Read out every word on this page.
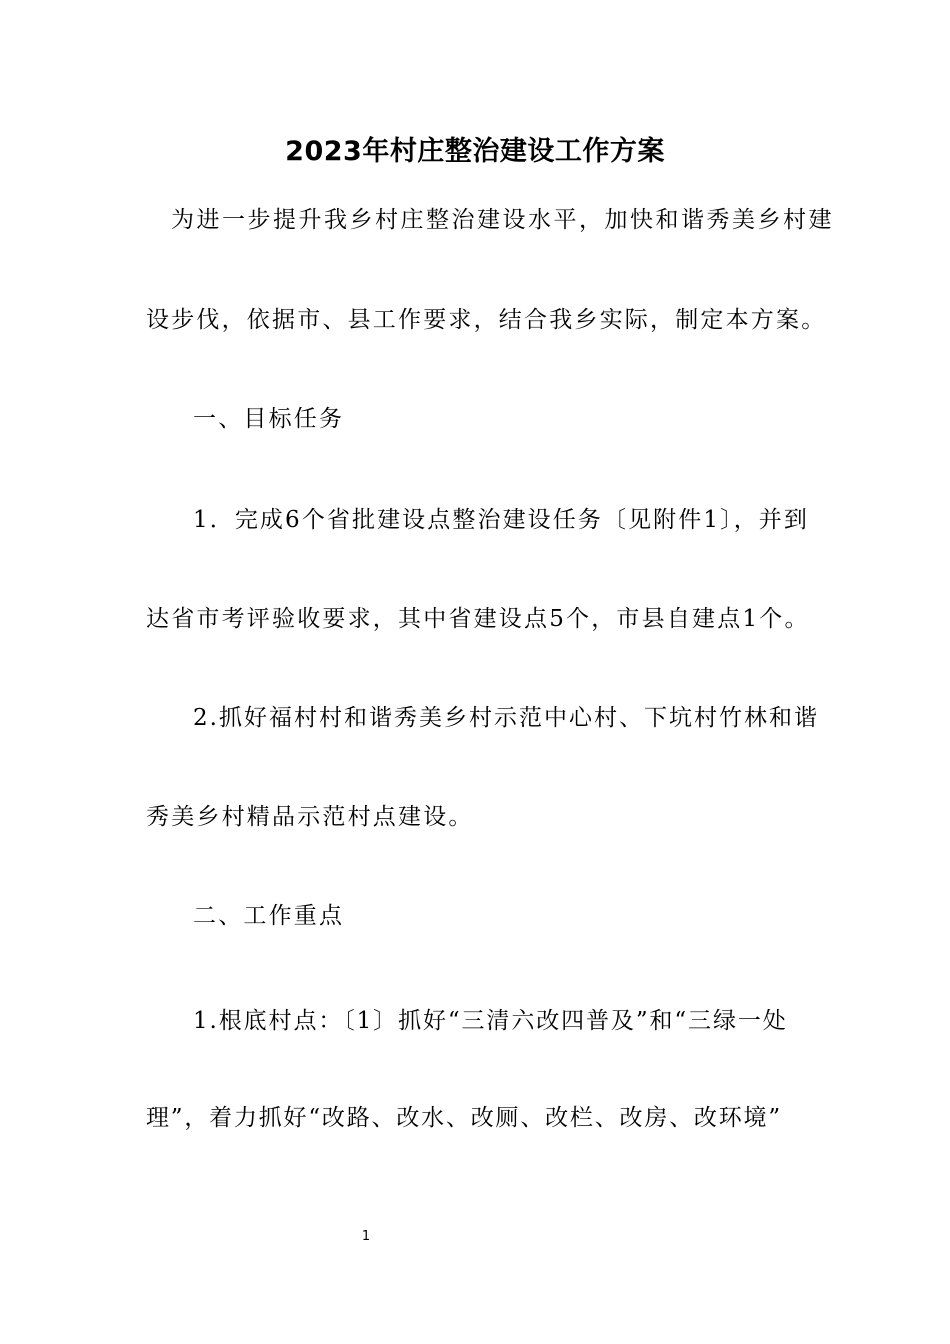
2023年村庄整治建设工作方案
为进一步提升我乡村庄整治建设水平，加快和谐秀美乡村建
设步伐，依据市、县工作要求，结合我乡实际，制定本方案。
一、目标任务
1．完成6个省批建设点整治建设任务〔见附件1〕，并到
达省市考评验收要求，其中省建设点5个，市县自建点1个。
2.抓好福村村和谐秀美乡村示范中心村、下坑村竹林和谐
秀美乡村精品示范村点建设。
二、工作重点
1.根底村点：〔1〕抓好“三清六改四普及”和“三绿一处
理”，着力抓好“改路、改水、改厕、改栏、改房、改环境”
1
